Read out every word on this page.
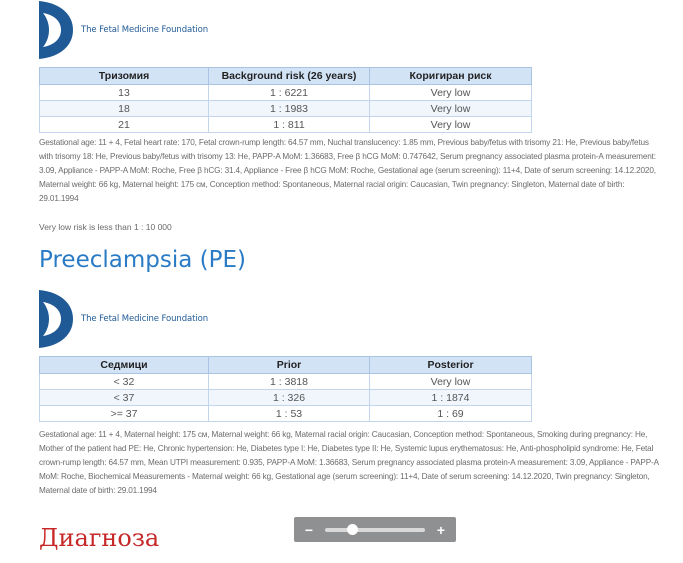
The Fetal Medicine Foundation
Тризомия	Background risk (26 years)	Коригиран риск
13	1 : 6221	Very low
18	1 : 1983	Very low
21	1 : 811	Very low

Gestational age: 11 + 4, Fetal heart rate: 170, Fetal crown-rump length: 64.57 mm, Nuchal translucency: 1.85 mm, Previous baby/fetus with trisomy 21: He, Previous baby/fetus with trisomy 18: He, Previous baby/fetus with trisomy 13: He, PAPP-A MoM: 1.36683, Free β hCG MoM: 0.747642, Serum pregnancy associated plasma protein-A measurement: 3.09, Appliance - PAPP-A MoM: Roche, Free β hCG: 31.4, Appliance - Free β hCG MoM: Roche, Gestational age (serum screening): 11+4, Date of serum screening: 14.12.2020, Maternal weight: 66 kg, Maternal height: 175 см, Conception method: Spontaneous, Maternal racial origin: Caucasian, Twin pregnancy: Singleton, Maternal date of birth: 29.01.1994

Very low risk is less than 1 : 10 000

Preeclampsia (PE)
The Fetal Medicine Foundation
Седмици	Prior	Posterior
< 32	1 : 3818	Very low
< 37	1 : 326	1 : 1874
>= 37	1 : 53	1 : 69

Gestational age: 11 + 4, Maternal height: 175 см, Maternal weight: 66 kg, Maternal racial origin: Caucasian, Conception method: Spontaneous, Smoking during pregnancy: He, Mother of the patient had PE: He, Chronic hypertension: He, Diabetes type I: He, Diabetes type II: He, Systemic lupus erythematosus: He, Anti-phospholipid syndrome: He, Fetal crown-rump length: 64.57 mm, Mean UTPI measurement: 0.935, PAPP-A MoM: 1.36683, Serum pregnancy associated plasma protein-A measurement: 3.09, Appliance - PAPP-A MoM: Roche, Biochemical Measurements - Maternal weight: 66 kg, Gestational age (serum screening): 11+4, Date of serum screening: 14.12.2020, Twin pregnancy: Singleton, Maternal date of birth: 29.01.1994

Диагноза	−	+
